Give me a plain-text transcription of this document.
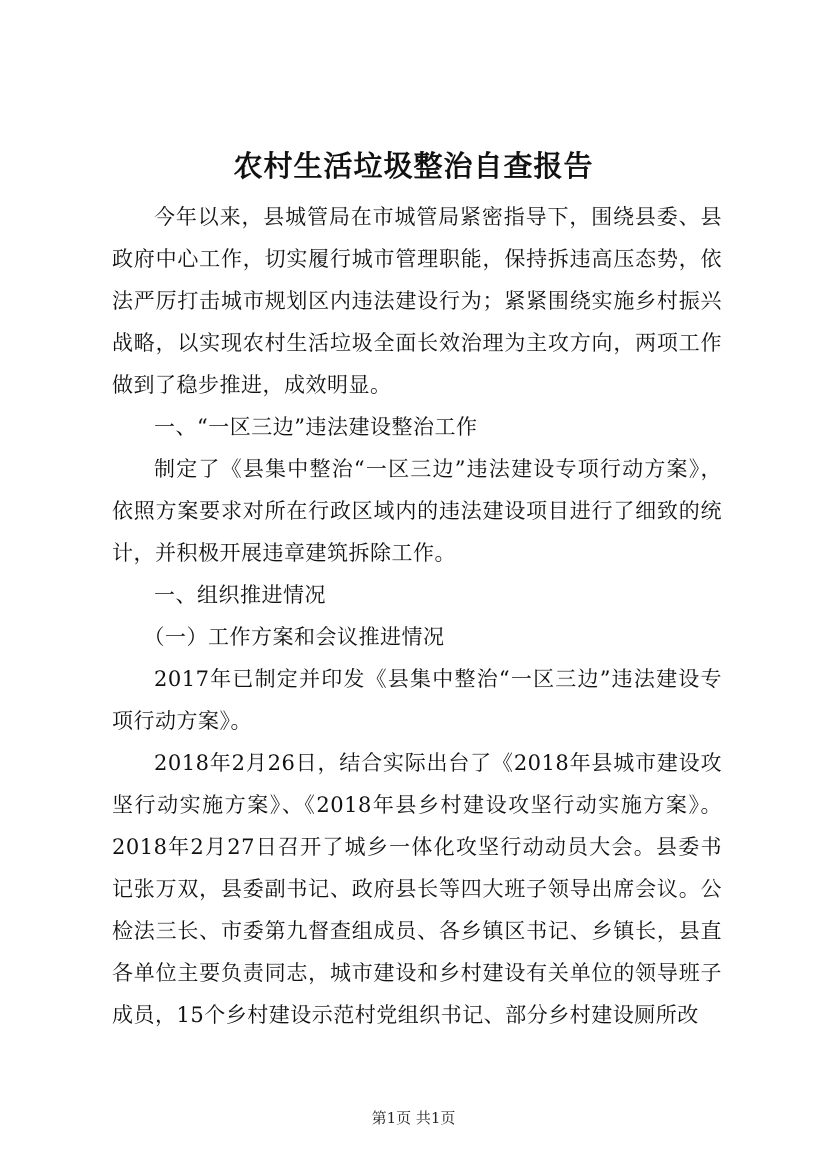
农村生活垃圾整治自查报告

今年以来，县城管局在市城管局紧密指导下，围绕县委、县政府中心工作，切实履行城市管理职能，保持拆违高压态势，依法严厉打击城市规划区内违法建设行为；紧紧围绕实施乡村振兴战略，以实现农村生活垃圾全面长效治理为主攻方向，两项工作做到了稳步推进，成效明显。

一、“一区三边”违法建设整治工作

制定了《县集中整治“一区三边”违法建设专项行动方案》，依照方案要求对所在行政区域内的违法建设项目进行了细致的统计，并积极开展违章建筑拆除工作。

一、组织推进情况

（一）工作方案和会议推进情况

2017年已制定并印发《县集中整治“一区三边”违法建设专项行动方案》。

2018年2月26日，结合实际出台了《2018年县城市建设攻坚行动实施方案》、《2018年县乡村建设攻坚行动实施方案》。2018年2月27日召开了城乡一体化攻坚行动动员大会。县委书记张万双，县委副书记、政府县长等四大班子领导出席会议。公检法三长、市委第九督查组成员、各乡镇区书记、乡镇长，县直各单位主要负责同志，城市建设和乡村建设有关单位的领导班子成员，15个乡村建设示范村党组织书记、部分乡村建设厕所改

第1页 共1页
